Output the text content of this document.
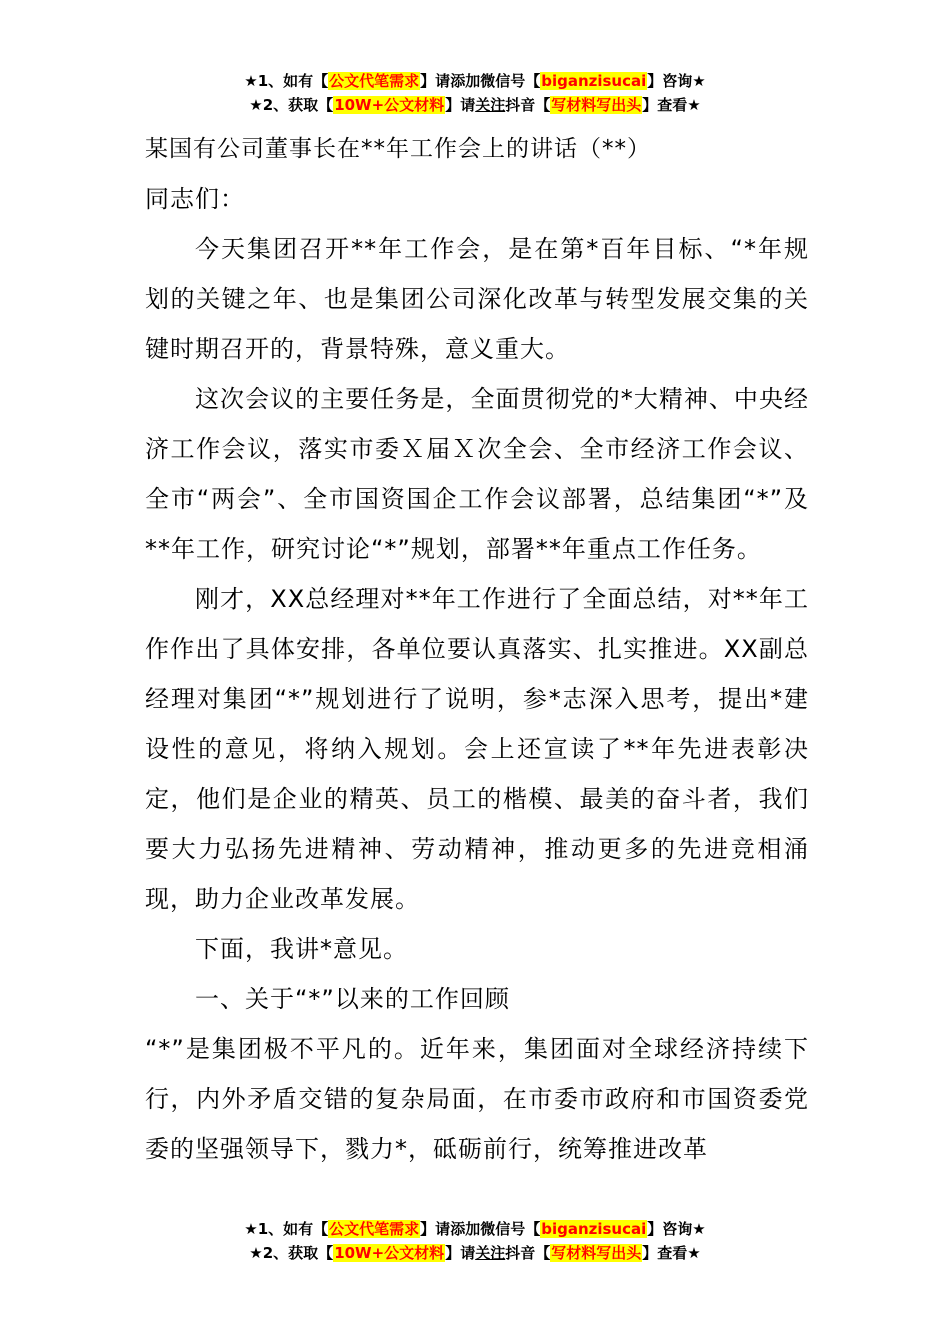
★1、如有【公文代笔需求】请添加微信号【biganzisucai】咨询★
★2、获取【10W+公文材料】请关注抖音【写材料写出头】查看★

某国有公司董事长在**年工作会上的讲话（**）

同志们：

今天集团召开**年工作会，是在第*百年目标、“*年规划的关键之年、也是集团公司深化改革与转型发展交集的关键时期召开的，背景特殊，意义重大。

这次会议的主要任务是，全面贯彻党的*大精神、中央经济工作会议，落实市委Ｘ届Ｘ次全会、全市经济工作会议、全市“两会”、全市国资国企工作会议部署，总结集团“*”及**年工作，研究讨论“*”规划，部署**年重点工作任务。

刚才，XX总经理对**年工作进行了全面总结，对**年工作作出了具体安排，各单位要认真落实、扎实推进。XX副总经理对集团“*”规划进行了说明，参*志深入思考，提出*建设性的意见，将纳入规划。会上还宣读了**年先进表彰决定，他们是企业的精英、员工的楷模、最美的奋斗者，我们要大力弘扬先进精神、劳动精神，推动更多的先进竞相涌现，助力企业改革发展。

下面，我讲*意见。

一、关于“*”以来的工作回顾

“*”是集团极不平凡的。近年来，集团面对全球经济持续下行，内外矛盾交错的复杂局面，在市委市政府和市国资委党委的坚强领导下，戮力*，砥砺前行，统筹推进改革

★1、如有【公文代笔需求】请添加微信号【biganzisucai】咨询★
★2、获取【10W+公文材料】请关注抖音【写材料写出头】查看★
